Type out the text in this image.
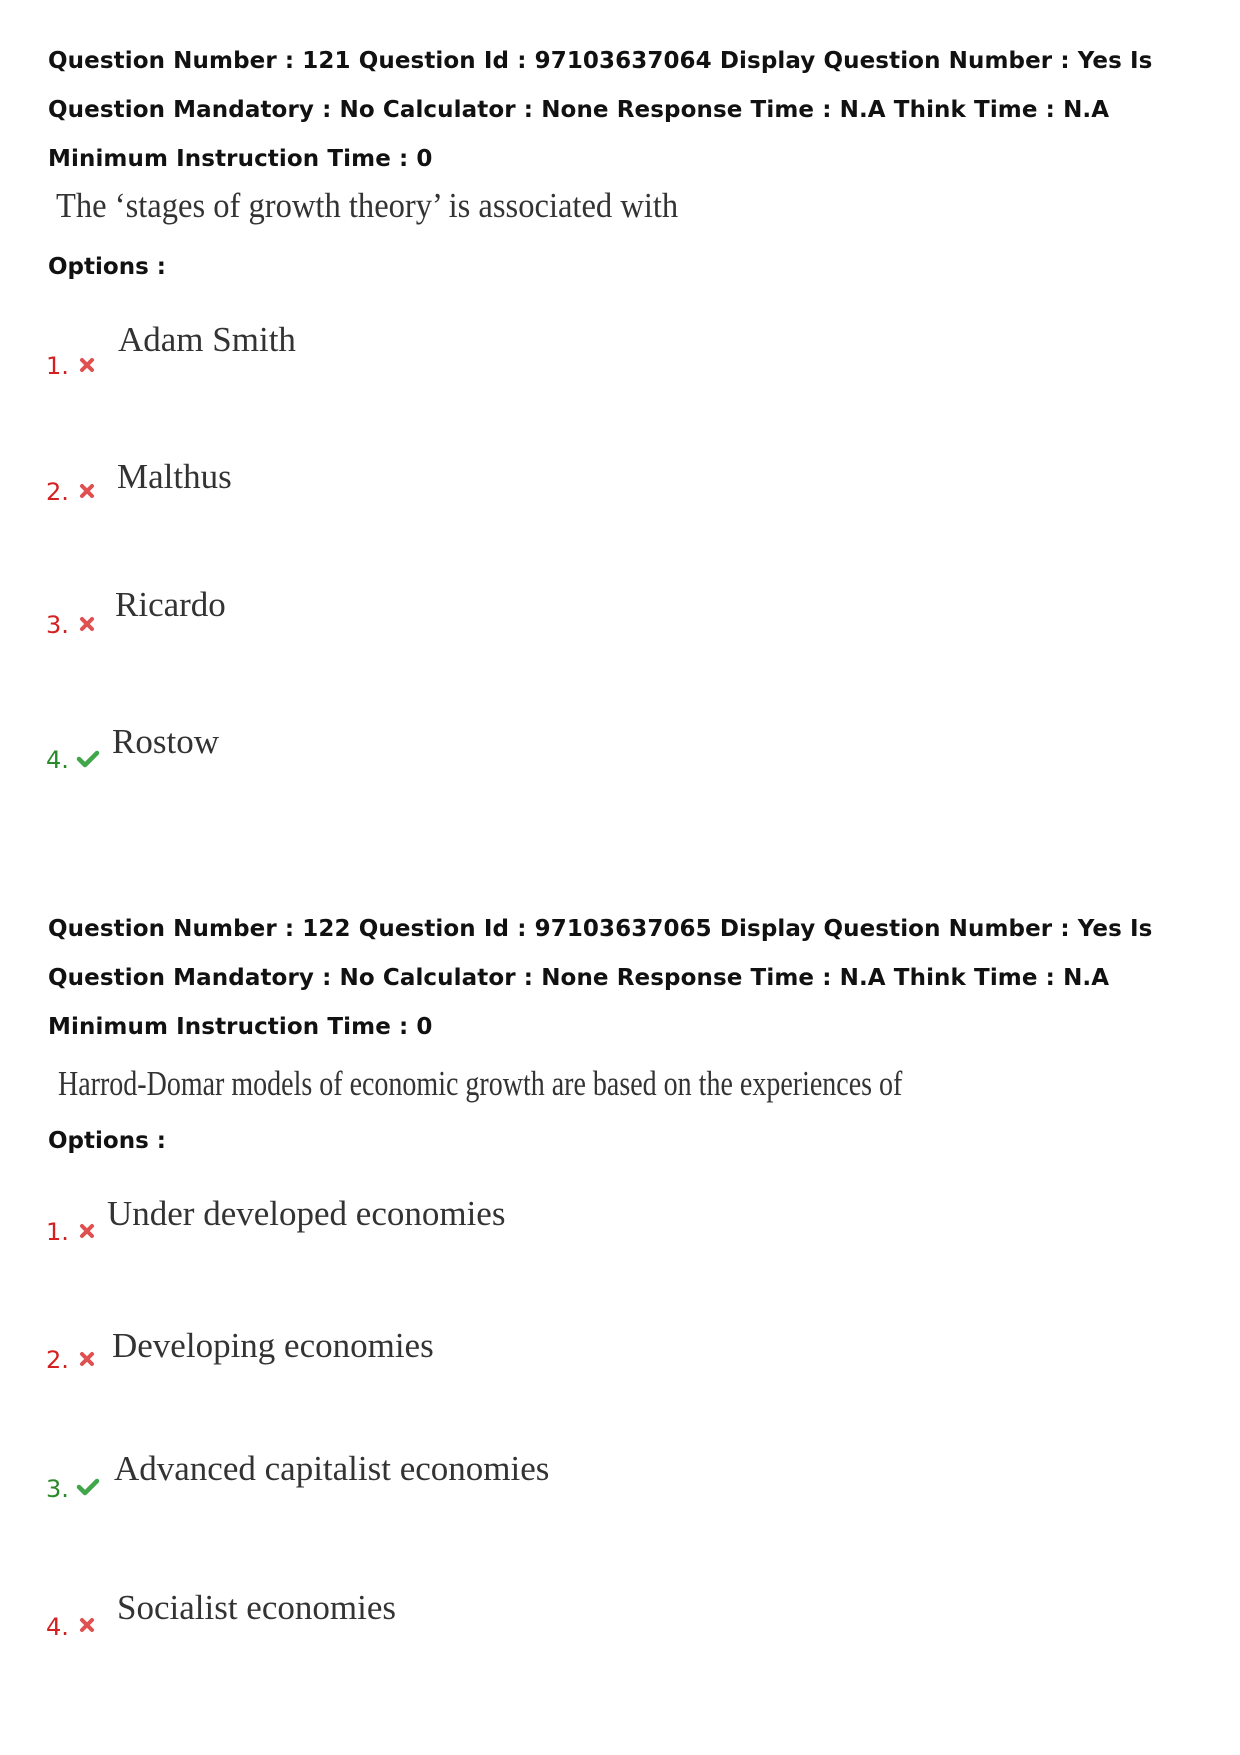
Question Number : 121 Question Id : 97103637064 Display Question Number : Yes Is Question Mandatory : No Calculator : None Response Time : N.A Think Time : N.A Minimum Instruction Time : 0
The ‘stages of growth theory’ is associated with
Options :
1.
Adam Smith
2. Malthus
3.
Ricardo
4. Rostow
Question Number : 122 Question Id : 97103637065 Display Question Number : Yes Is Question Mandatory : No Calculator : None Response Time : N.A Think Time : N.A Minimum Instruction Time : 0
Harrod-Domar models of economic growth are based on the experiences of
Options :
1. Under developed economies
2. Developing economies
3.
Advanced capitalist economies
4. Socialist economies
